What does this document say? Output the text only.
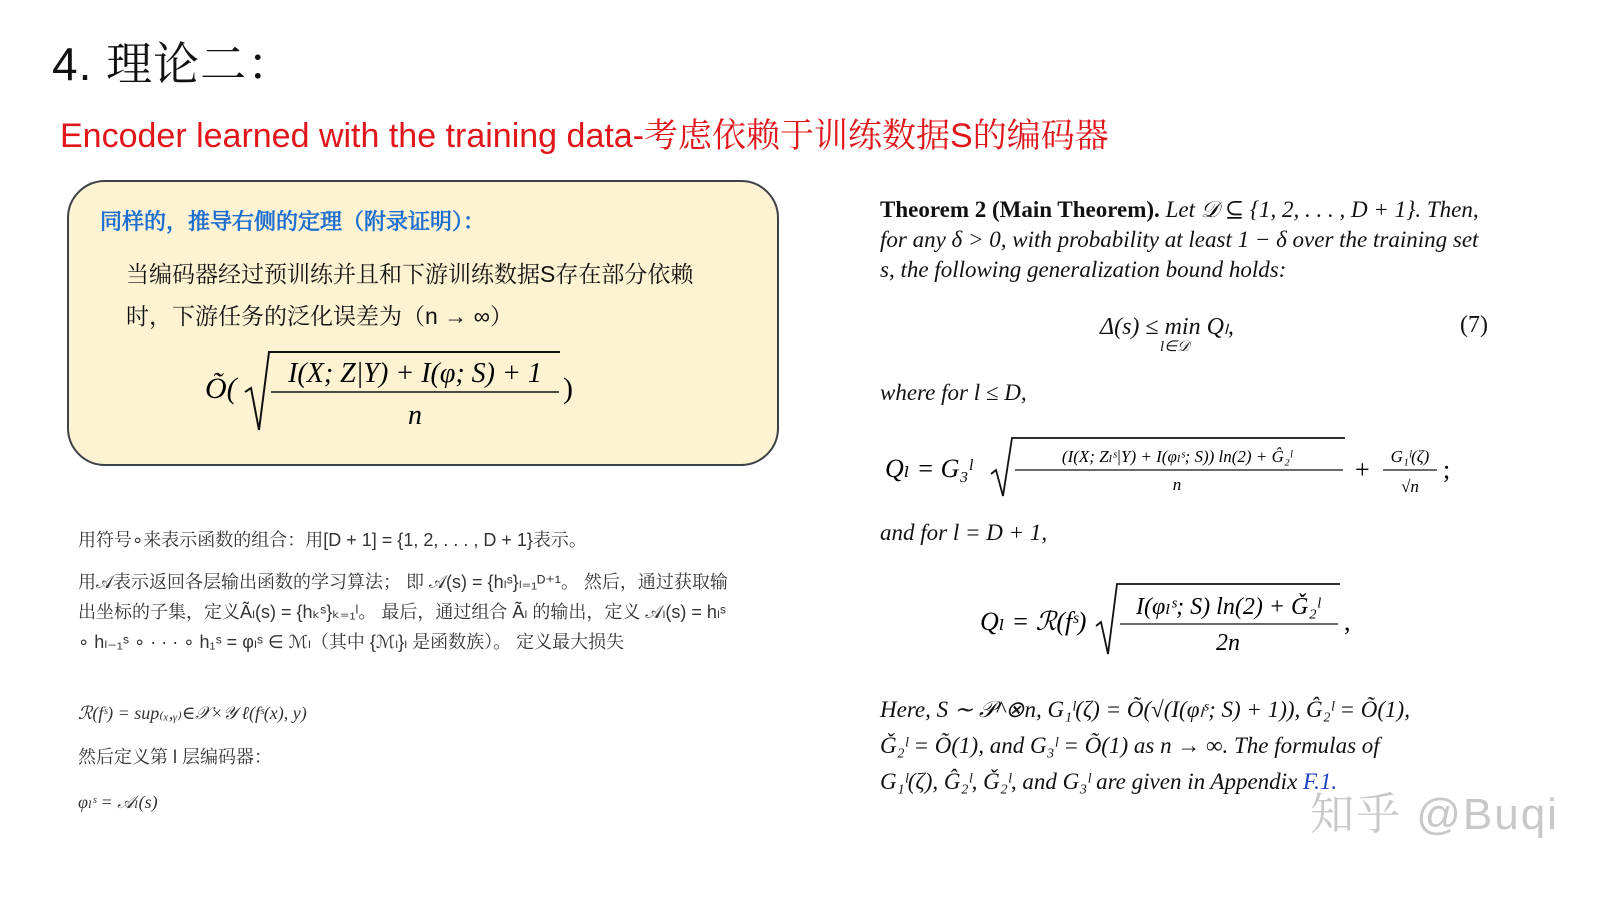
4. 理论二：
Encoder learned with the training data-考虑依赖于训练数据S的编码器
同样的，推导右侧的定理（附录证明）：
当编码器经过预训练并且和下游训练数据S存在部分依赖
时，下游任务的泛化误差为（n → ∞）
Õ( I(X; Z|Y) + I(φ; S) + 1
n
)
用符号∘来表示函数的组合：用[D + 1] = {1, 2, . . . , D + 1}表示。
用𝒜表示返回各层输出函数的学习算法； 即 𝒜(s) = {hₗˢ}ₗ₌₁ᴰ⁺¹。 然后，通过获取输出坐标的子集，定义Ãₗ(s) = {hₖˢ}ₖ₌₁ˡ。 最后，通过组合 Ãₗ 的输出，定义 𝒜ₗ(s) = hₗˢ ∘ hₗ₋₁ˢ ∘ · · · ∘ h₁ˢ = φₗˢ ∈ ℳₗ（其中 {ℳₗ}ₗ 是函数族）。 定义最大损失
ℛ(fˢ) = sup₍ₓ,ᵧ₎∈𝒳×𝒴 ℓ(fˢ(x), y)
然后定义第 l 层编码器：
φₗˢ = 𝒜ₗ(s)
Theorem 2 (Main Theorem). Let 𝒟 ⊆ {1, 2, . . . , D + 1}. Then, for any δ > 0, with probability at least 1 − δ over the training set s, the following generalization bound holds:
Δ(s) ≤ min Qₗ,
l∈𝒟
(7)
where for l ≤ D,
Qₗ = G₃ˡ	(I(X; Zₗˢ|Y) + I(φₗˢ; S)) ln(2) + Ĝ₂ˡ
n
+ G₁ˡ(ζ)
√n
;
and for l = D + 1,
Qₗ = ℛ(fˢ) I(φₗˢ; S) ln(2) + Ǧ₂ˡ
2n
,
Here, S ∼ 𝒫^⊗n, G₁ˡ(ζ) = Õ(√(I(φₗˢ; S) + 1)), Ĝ₂ˡ = Õ(1),
Ǧ₂ˡ = Õ(1), and G₃ˡ = Õ(1) as n → ∞. The formulas of
G₁ˡ(ζ), Ĝ₂ˡ, Ǧ₂ˡ, and G₃ˡ are given in Appendix F.1.
知乎 @Buqi
